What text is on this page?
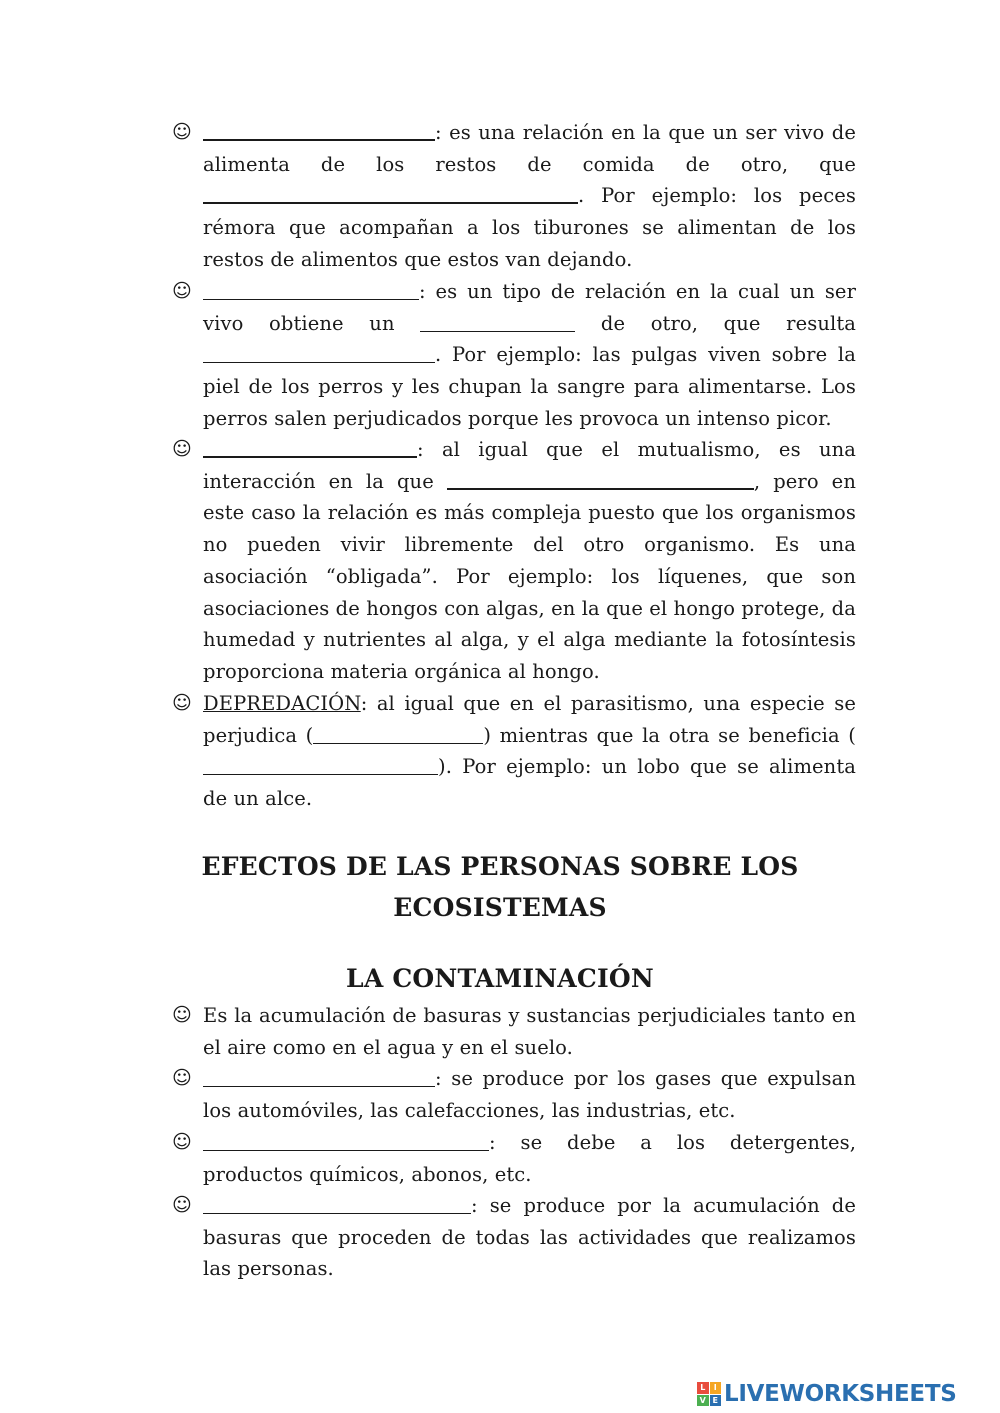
☺	: es una relación en la que un ser vivo de alimenta de los restos de comida de otro, que . Por ejemplo: los peces rémora que acompañan a los tiburones se alimentan de los restos de alimentos que estos van dejando.
☺	: es un tipo de relación en la cual un ser vivo obtiene un	de otro, que resulta . Por ejemplo: las pulgas viven sobre la piel de los perros y les chupan la sangre para alimentarse. Los perros salen perjudicados porque les provoca un intenso picor.
☺	: al igual que el mutualismo, es una interacción en la que	, pero en este caso la relación es más compleja puesto que los organismos no pueden vivir libremente del otro organismo. Es una asociación “obligada”. Por ejemplo: los líquenes, que son asociaciones de hongos con algas, en la que el hongo protege, da humedad y nutrientes al alga, y el alga mediante la fotosíntesis proporciona materia orgánica al hongo.
☺ DEPREDACIÓN: al igual que en el parasitismo, una especie se perjudica (	) mientras que la otra se beneficia (). Por ejemplo: un lobo que se alimenta de un alce.
EFECTOS DE LAS PERSONAS SOBRE LOS
ECOSISTEMAS
LA CONTAMINACIÓN
☺ Es la acumulación de basuras y sustancias perjudiciales tanto en el aire como en el agua y en el suelo.
☺	: se produce por los gases que expulsan los automóviles, las calefacciones, las industrias, etc.
☺	: se debe a los detergentes, productos químicos, abonos, etc.
☺	: se produce por la acumulación de basuras que proceden de todas las actividades que realizamos las personas.
L	I
V E LIVEWORKSHEETS
